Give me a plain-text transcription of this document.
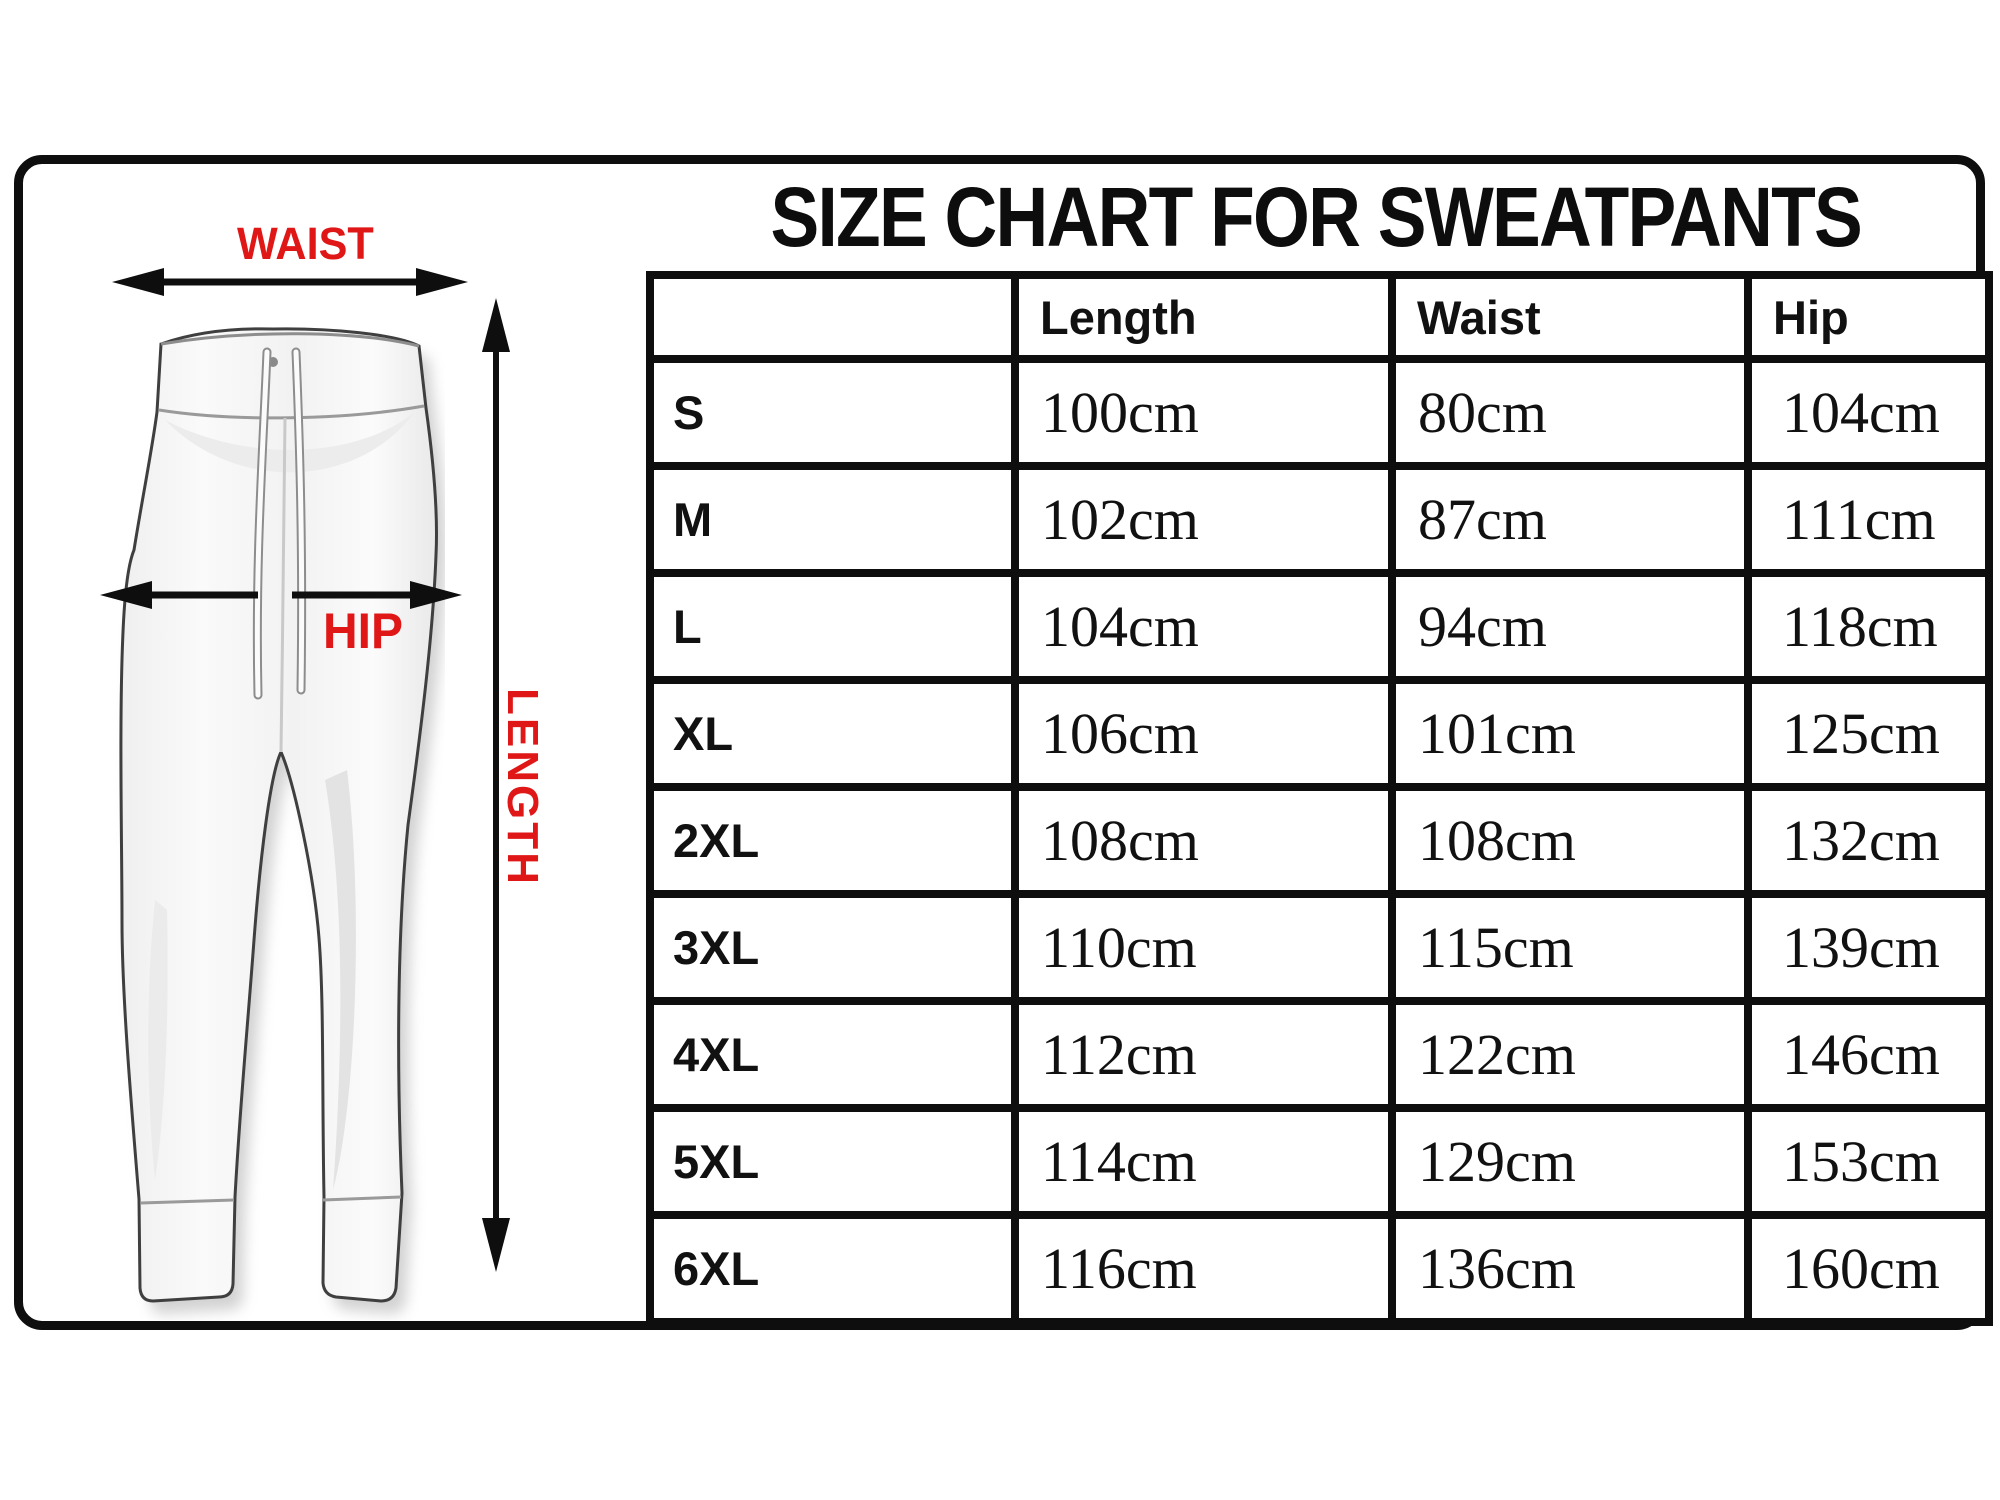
WAIST
HIP
LENGTH
SIZE CHART FOR SWEATPANTS
	Length	Waist	Hip
S	100cm	80cm	104cm
M	102cm	87cm	111cm
L	104cm	94cm	118cm
XL	106cm	101cm	125cm
2XL	108cm	108cm	132cm
3XL	110cm	115cm	139cm
4XL	112cm	122cm	146cm
5XL	114cm	129cm	153cm
6XL	116cm	136cm	160cm
